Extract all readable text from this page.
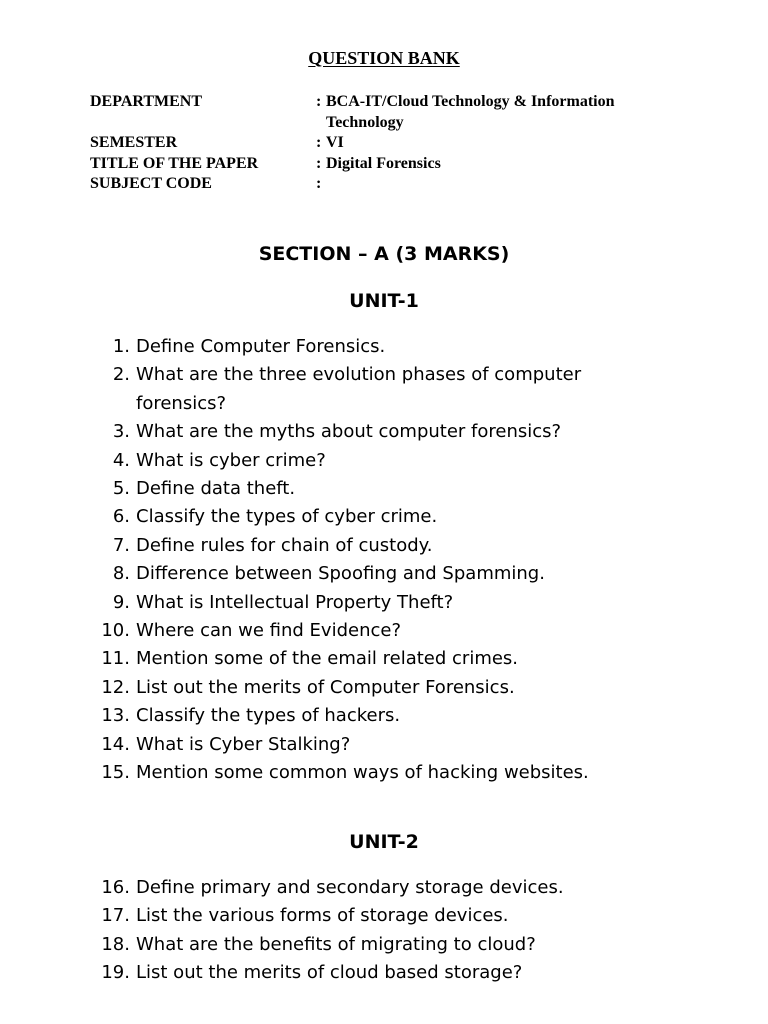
QUESTION BANK
DEPARTMENT	: BCA-IT/Cloud Technology & Information Technology
SEMESTER	: VI
TITLE OF THE PAPER	: Digital Forensics
SUBJECT CODE	:
SECTION – A (3 MARKS)
UNIT-1
1. Define Computer Forensics.
2. What are the three evolution phases of computer forensics?
3. What are the myths about computer forensics?
4. What is cyber crime?
5. Define data theft.
6. Classify the types of cyber crime.
7. Define rules for chain of custody.
8. Difference between Spoofing and Spamming.
9. What is Intellectual Property Theft?
10. Where can we find Evidence?
11. Mention some of the email related crimes.
12. List out the merits of Computer Forensics.
13. Classify the types of hackers.
14. What is Cyber Stalking?
15. Mention some common ways of hacking websites.
UNIT-2
16. Define primary and secondary storage devices.
17. List the various forms of storage devices.
18. What are the benefits of migrating to cloud?
19. List out the merits of cloud based storage?
